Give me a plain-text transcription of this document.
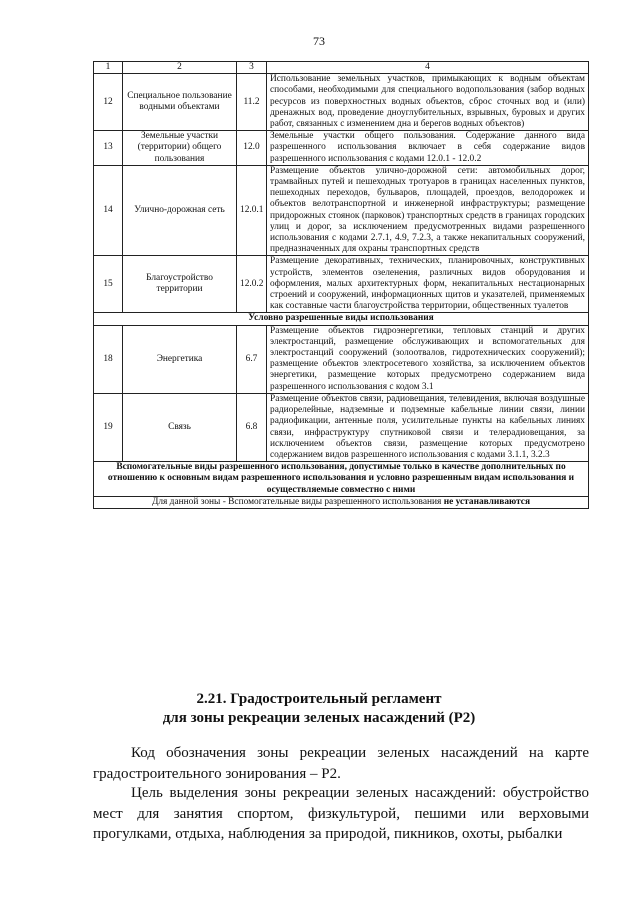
73
1	2	3	4
12	Специальное пользование водными объектами	11.2	Использование земельных участков, примыкающих к водным объектам способами, необходимыми для специального водопользования (забор водных ресурсов из поверхностных водных объектов, сброс сточных вод и (или) дренажных вод, проведение дноуглубительных, взрывных, буровых и других работ, связанных с изменением дна и берегов водных объектов)
13	Земельные участки (территории) общего пользования	12.0	Земельные участки общего пользования. Содержание данного вида разрешенного использования включает в себя содержание видов разрешенного использования с кодами 12.0.1 - 12.0.2
14	Улично-дорожная сеть	12.0.1	Размещение объектов улично-дорожной сети: автомобильных дорог, трамвайных путей и пешеходных тротуаров в границах населенных пунктов, пешеходных переходов, бульваров, площадей, проездов, велодорожек и объектов велотранспортной и инженерной инфраструктуры; размещение придорожных стоянок (парковок) транспортных средств в границах городских улиц и дорог, за исключением предусмотренных видами разрешенного использования с кодами 2.7.1, 4.9, 7.2.3, а также некапитальных сооружений, предназначенных для охраны транспортных средств
15	Благоустройство территории	12.0.2	Размещение декоративных, технических, планировочных, конструктивных устройств, элементов озеленения, различных видов оборудования и оформления, малых архитектурных форм, некапитальных нестационарных строений и сооружений, информационных щитов и указателей, применяемых как составные части благоустройства территории, общественных туалетов
Условно разрешенные виды использования			
18	Энергетика	6.7	Размещение объектов гидроэнергетики, тепловых станций и других электростанций, размещение обслуживающих и вспомогательных для электростанций сооружений (золоотвалов, гидротехнических сооружений); размещение объектов электросетевого хозяйства, за исключением объектов энергетики, размещение которых предусмотрено содержанием вида разрешенного использования с кодом 3.1
19	Связь	6.8	Размещение объектов связи, радиовещания, телевидения, включая воздушные радиорелейные, надземные и подземные кабельные линии связи, линии радиофикации, антенные поля, усилительные пункты на кабельных линиях связи, инфраструктуру спутниковой связи и телерадиовещания, за исключением объектов связи, размещение которых предусмотрено содержанием видов разрешенного использования с кодами 3.1.1, 3.2.3
Вспомогательные виды разрешенного использования, допустимые только в качестве дополнительных по отношению к основным видам разрешенного использования и условно разрешенным видам использования и осуществляемые совместно с ними			
Для данной зоны - Вспомогательные виды разрешенного использования не устанавливаются			
2.21. Градостроительный регламент
для зоны рекреации зеленых насаждений (Р2)

Код обозначения зоны рекреации зеленых насаждений на карте градостроительного зонирования – Р2.

Цель выделения зоны рекреации зеленых насаждений: обустройство мест для занятия спортом, физкультурой, пешими или верховыми прогулками, отдыха, наблюдения за природой, пикников, охоты, рыбалки
